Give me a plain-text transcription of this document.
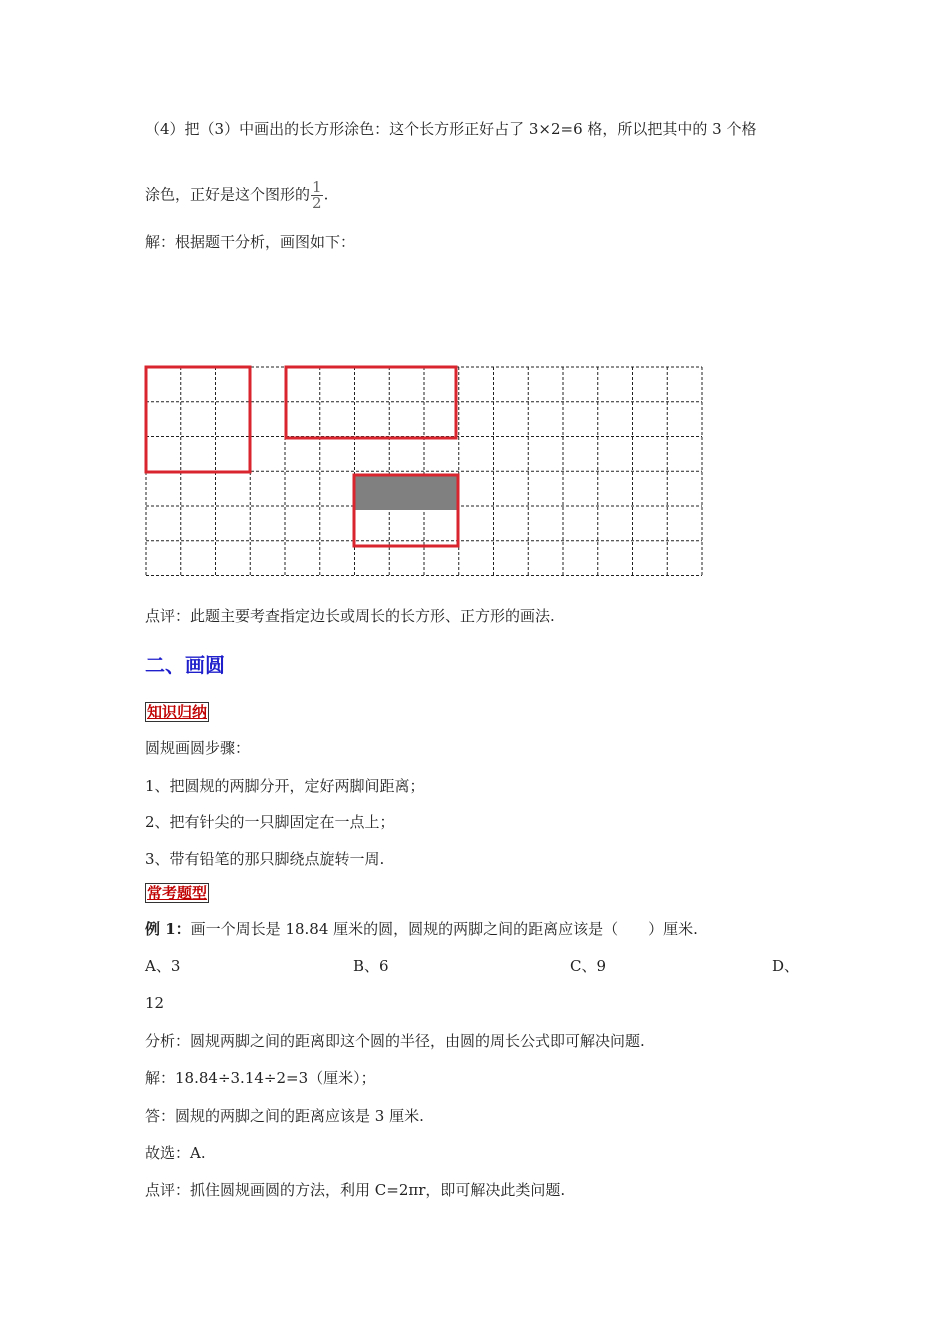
（4）把（3）中画出的长方形涂色：这个长方形正好占了 3×2=6 格，所以把其中的 3 个格
涂色，正好是这个图形的 $\frac{1}{2}$ .
解：根据题干分析，画图如下：
点评：此题主要考查指定边长或周长的长方形、正方形的画法.
二、画圆
知识归纳
圆规画圆步骤：
1、把圆规的两脚分开，定好两脚间距离；
2、把有针尖的一只脚固定在一点上；
3、带有铅笔的那只脚绕点旋转一周.
常考题型
例 1：画一个周长是 18.84 厘米的圆，圆规的两脚之间的距离应该是（　　）厘米.
A、3	B、6	C、9	D、
12
分析：圆规两脚之间的距离即这个圆的半径，由圆的周长公式即可解决问题.
解：18.84÷3.14÷2=3（厘米）；
答：圆规的两脚之间的距离应该是 3 厘米.
故选：A.
点评：抓住圆规画圆的方法，利用 C=2πr，即可解决此类问题.
